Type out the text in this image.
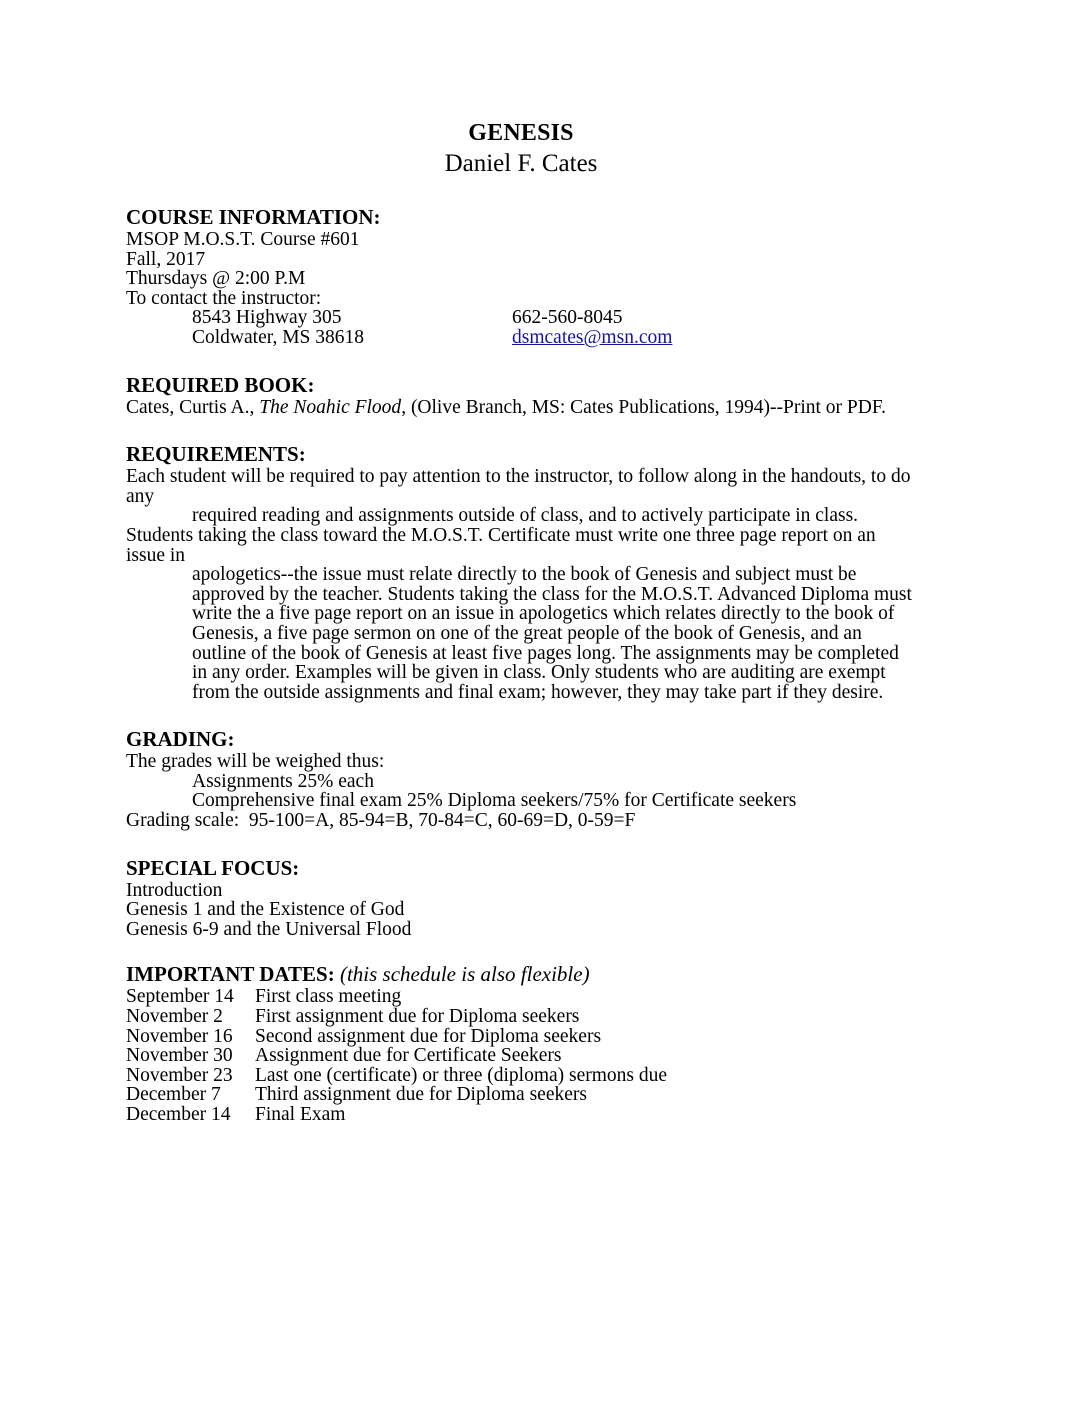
GENESIS
Daniel F. Cates
COURSE INFORMATION:
MSOP M.O.S.T. Course #601
Fall, 2017
Thursdays @ 2:00 P.M
To contact the instructor:
8543 Highway 305	662-560-8045
Coldwater, MS 38618	dsmcates@msn.com
REQUIRED BOOK:
Cates, Curtis A., The Noahic Flood, (Olive Branch, MS: Cates Publications, 1994)--Print or PDF.
REQUIREMENTS:
Each student will be required to pay attention to the instructor, to follow along in the handouts, to do any
required reading and assignments outside of class, and to actively participate in class.
Students taking the class toward the M.O.S.T. Certificate must write one three page report on an issue in
apologetics--the issue must relate directly to the book of Genesis and subject must be approved by the teacher. Students taking the class for the M.O.S.T. Advanced Diploma must write the a five page report on an issue in apologetics which relates directly to the book of Genesis, a five page sermon on one of the great people of the book of Genesis, and an outline of the book of Genesis at least five pages long. The assignments may be completed in any order. Examples will be given in class. Only students who are auditing are exempt from the outside assignments and final exam; however, they may take part if they desire.
GRADING:
The grades will be weighed thus:
Assignments 25% each
Comprehensive final exam 25% Diploma seekers/75% for Certificate seekers
Grading scale:  95-100=A, 85-94=B, 70-84=C, 60-69=D, 0-59=F
SPECIAL FOCUS:
Introduction
Genesis 1 and the Existence of God
Genesis 6-9 and the Universal Flood
IMPORTANT DATES: (this schedule is also flexible)
September 14 First class meeting
November 2 First assignment due for Diploma seekers
November 16 Second assignment due for Diploma seekers
November 30 Assignment due for Certificate Seekers
November 23 Last one (certificate) or three (diploma) sermons due
December 7 Third assignment due for Diploma seekers
December 14 Final Exam
